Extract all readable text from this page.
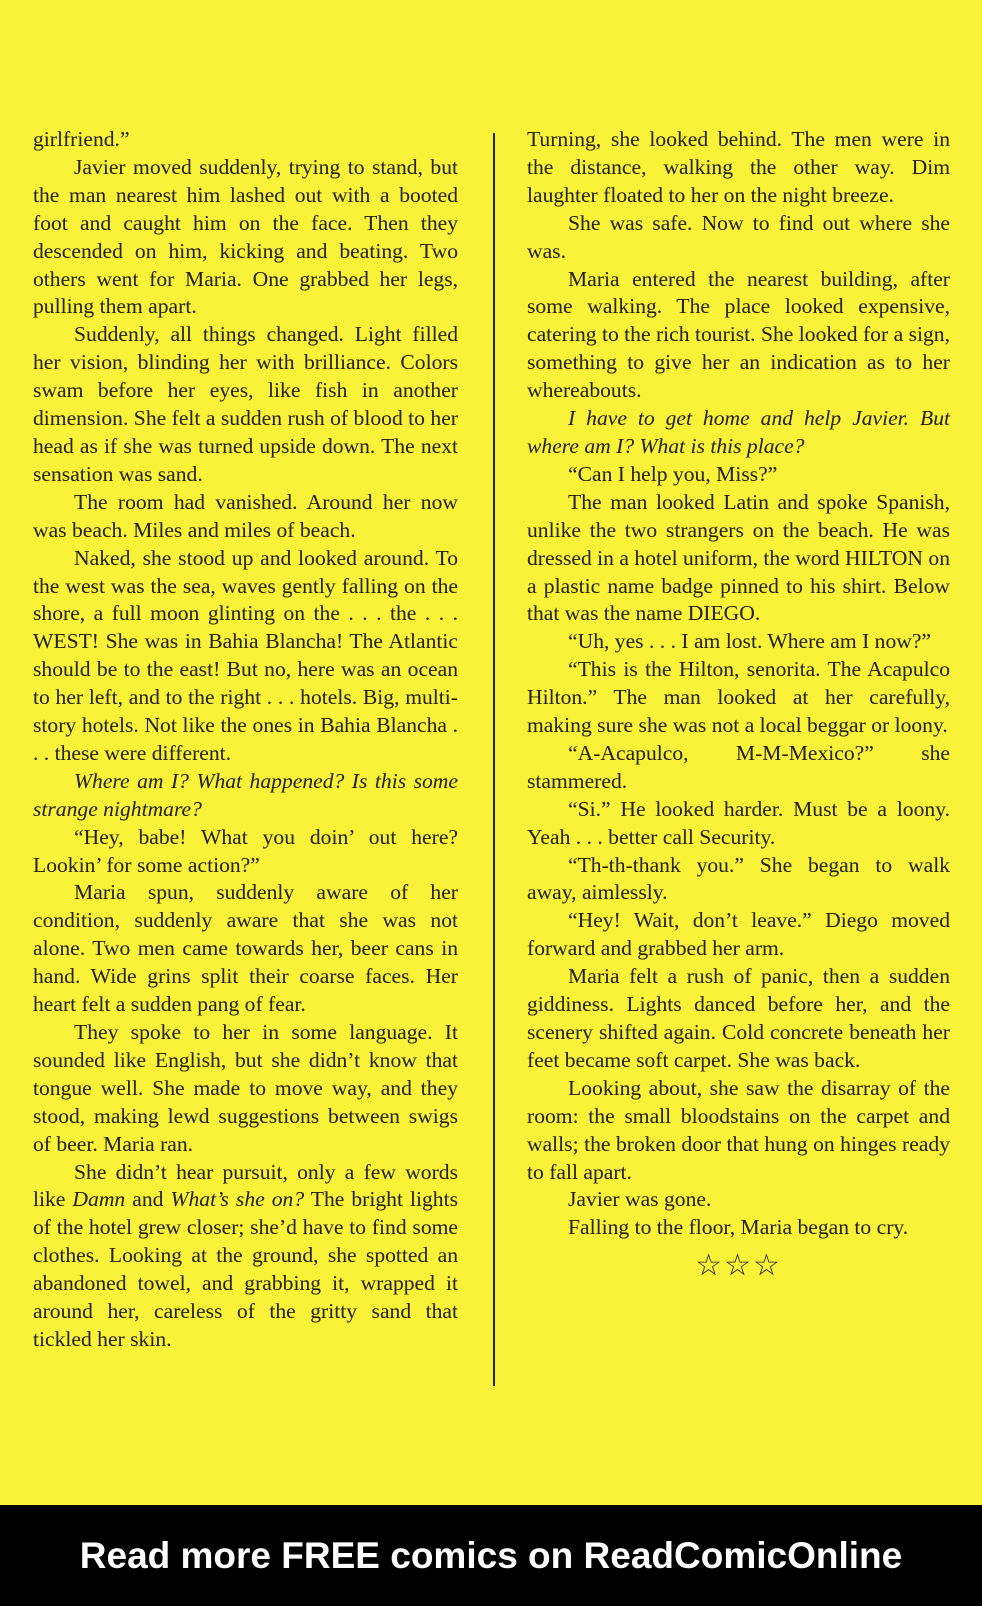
girlfriend.”

Javier moved suddenly, trying to stand, but the man nearest him lashed out with a booted foot and caught him on the face. Then they descended on him, kicking and beating. Two others went for Maria. One grabbed her legs, pulling them apart.

Suddenly, all things changed. Light filled her vision, blinding her with brilliance. Colors swam before her eyes, like fish in another dimension. She felt a sudden rush of blood to her head as if she was turned upside down. The next sensation was sand.

The room had vanished. Around her now was beach. Miles and miles of beach.

Naked, she stood up and looked around. To the west was the sea, waves gently falling on the shore, a full moon glinting on the . . . the . . . WEST! She was in Bahia Blancha! The Atlantic should be to the east! But no, here was an ocean to her left, and to the right . . . hotels. Big, multi-story hotels. Not like the ones in Bahia Blancha . . . these were different.

Where am I? What happened? Is this some strange nightmare?

“Hey, babe! What you doin’ out here? Lookin’ for some action?”

Maria spun, suddenly aware of her condition, suddenly aware that she was not alone. Two men came towards her, beer cans in hand. Wide grins split their coarse faces. Her heart felt a sudden pang of fear.

They spoke to her in some language. It sounded like English, but she didn’t know that tongue well. She made to move way, and they stood, making lewd suggestions between swigs of beer. Maria ran.

She didn’t hear pursuit, only a few words like Damn and What’s she on? The bright lights of the hotel grew closer; she’d have to find some clothes. Looking at the ground, she spotted an abandoned towel, and grabbing it, wrapped it around her, careless of the gritty sand that tickled her skin.

Turning, she looked behind. The men were in the distance, walking the other way. Dim laughter floated to her on the night breeze.

She was safe. Now to find out where she was.

Maria entered the nearest building, after some walking. The place looked expensive, catering to the rich tourist. She looked for a sign, something to give her an indication as to her whereabouts.

I have to get home and help Javier. But where am I? What is this place?

“Can I help you, Miss?”

The man looked Latin and spoke Spanish, unlike the two strangers on the beach. He was dressed in a hotel uniform, the word HILTON on a plastic name badge pinned to his shirt. Below that was the name DIEGO.

“Uh, yes . . . I am lost. Where am I now?”

“This is the Hilton, senorita. The Acapulco Hilton.” The man looked at her carefully, making sure she was not a local beggar or loony.

“A-Acapulco, M-M-Mexico?” she stammered.

“Si.” He looked harder. Must be a loony. Yeah . . . better call Security.

“Th-th-thank you.” She began to walk away, aimlessly.

“Hey! Wait, don’t leave.” Diego moved forward and grabbed her arm.

Maria felt a rush of panic, then a sudden giddiness. Lights danced before her, and the scenery shifted again. Cold concrete beneath her feet became soft carpet. She was back.

Looking about, she saw the disarray of the room: the small bloodstains on the carpet and walls; the broken door that hung on hinges ready to fall apart.

Javier was gone.

Falling to the floor, Maria began to cry.

☆☆☆
Read more FREE comics on ReadComicOnline
